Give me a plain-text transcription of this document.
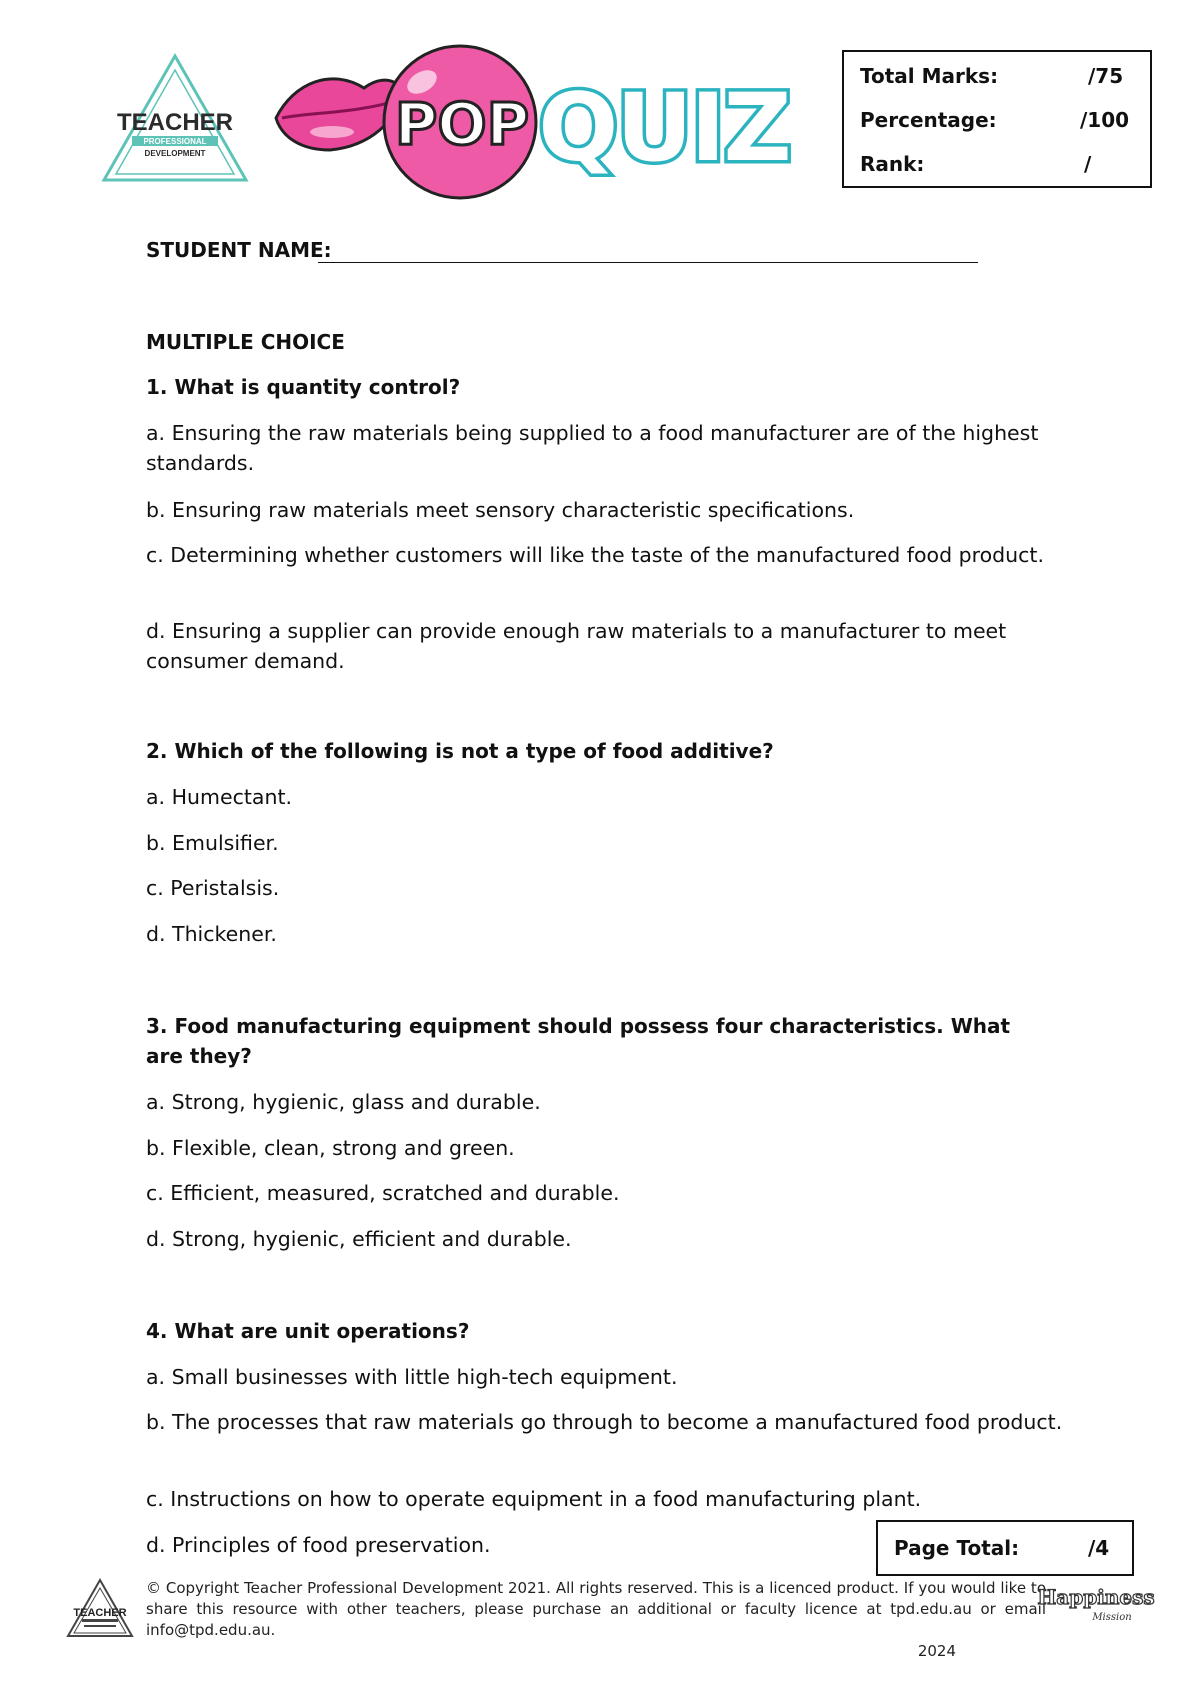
TEACHER
PROFESSIONAL
DEVELOPMENT	POP QUIZ	Total Marks:	/75
Percentage:	/100
Rank:	/
STUDENT NAME:
MULTIPLE CHOICE
1. What is quantity control?
a. Ensuring the raw materials being supplied to a food manufacturer are of the highest standards.
b. Ensuring raw materials meet sensory characteristic specifications.
c. Determining whether customers will like the taste of the manufactured food product.
d. Ensuring a supplier can provide enough raw materials to a manufacturer to meet consumer demand.
2. Which of the following is not a type of food additive?
a. Humectant.
b. Emulsifier.
c. Peristalsis.
d. Thickener.
3. Food manufacturing equipment should possess four characteristics. What are they?
a. Strong, hygienic, glass and durable.
b. Flexible, clean, strong and green.
c. Efficient, measured, scratched and durable.
d. Strong, hygienic, efficient and durable.
4. What are unit operations?
a. Small businesses with little high-tech equipment.
b. The processes that raw materials go through to become a manufactured food product.
c. Instructions on how to operate equipment in a food manufacturing plant.
d. Principles of food preservation.	Page Total:	/4
TEACHER
© Copyright Teacher Professional Development 2021. All rights reserved. This is a licenced product. If you would like to share this resource with other teachers, please purchase an additional or faculty licence at tpd.edu.au or email info@tpd.edu.au.
2024
Happiness
Mission
